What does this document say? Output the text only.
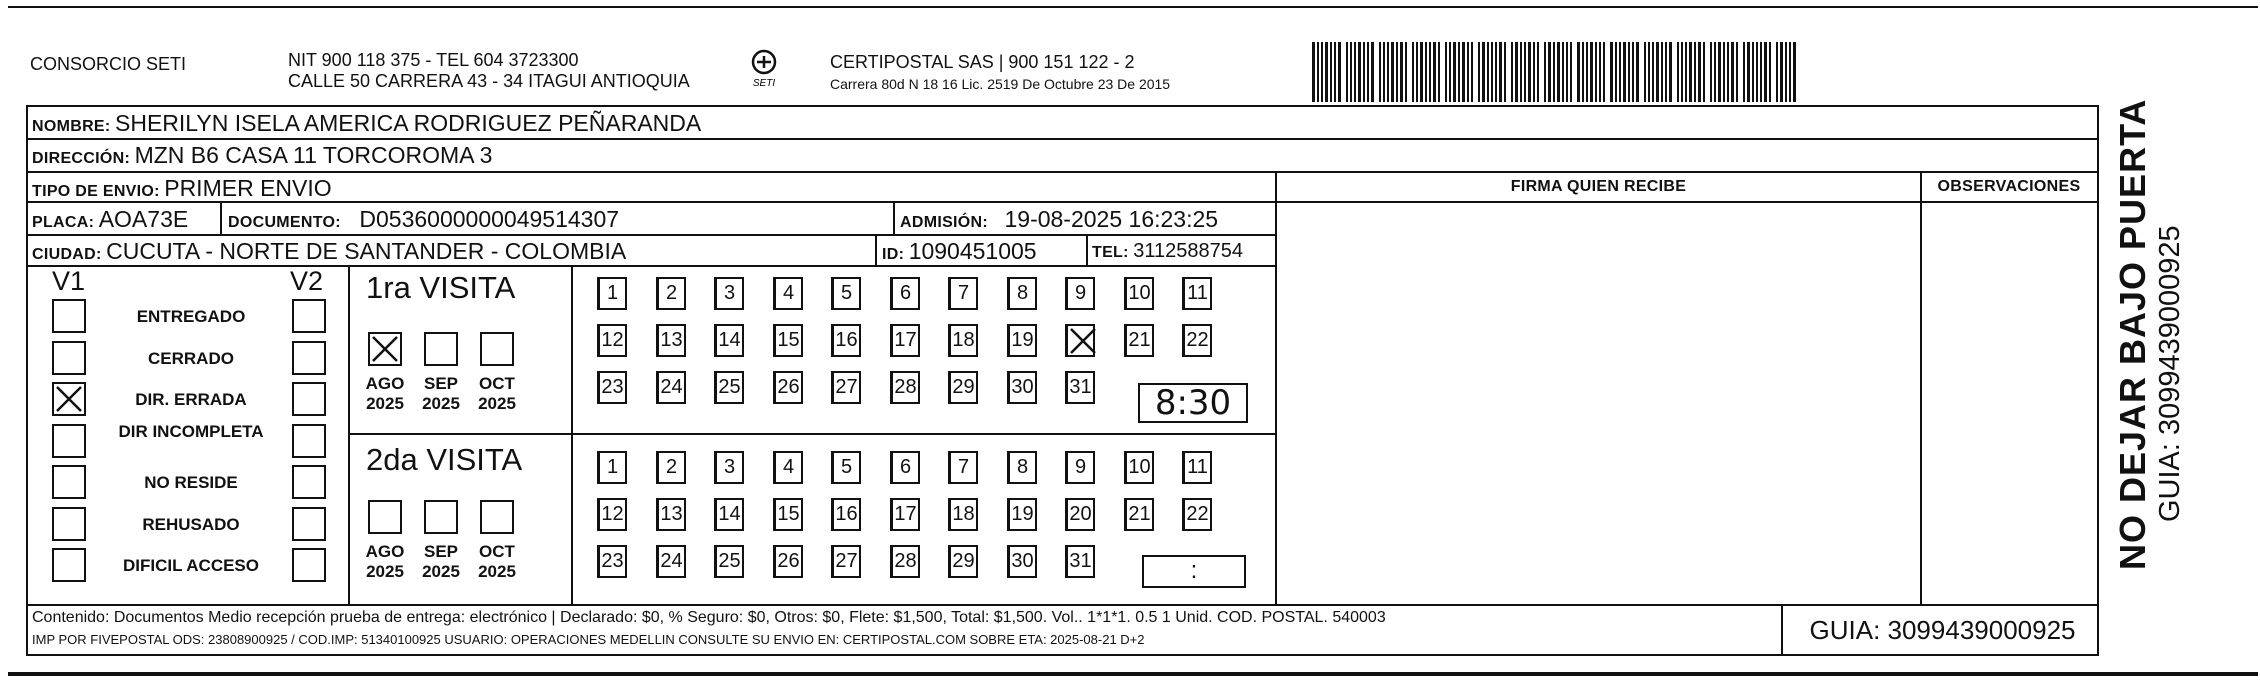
CONSORCIO SETI	NIT 900 118 375 - TEL 604 3723300
CALLE 50 CARRERA 43 - 34 ITAGUI ANTIOQUIA	SETI
CERTIPOSTAL SAS | 900 151 122 - 2
Carrera 80d N 18 16 Lic. 2519 De Octubre 23 De 2015
NOMBRE: SHERILYN ISELA AMERICA RODRIGUEZ PEÑARANDA
DIRECCIÓN: MZN B6 CASA 11 TORCOROMA 3
TIPO DE ENVIO: PRIMER ENVIO	FIRMA QUIEN RECIBE	OBSERVACIONES
PLACA: AOA73E DOCUMENTO: D0536000000049514307	ADMISIÓN: 19-08-2025 16:23:25
CIUDAD: CUCUTA - NORTE DE SANTANDER - COLOMBIA	ID: 1090451005	TEL: 3112588754
V1	V2
ENTREGADO
CERRADO
DIR. ERRADA
DIR INCOMPLETA
NO RESIDE
REHUSADO
DIFICIL ACCESO
1ra VISITA
AGO
2025
SEP
2025
OCT
2025
1	2	3	4	5	6	7	8	9	10 11
12 13 14 15 16 17 18 19	21 22
23 24 25 26 27 28 29 30 31	8:30
2da VISITA
AGO
2025
SEP
2025
OCT
2025
1	2	3	4	5	6	7	8	9	10 11
12 13 14 15 16 17 18 19 20 21 22
23 24 25 26 27 28 29 30 31	:
Contenido: Documentos Medio recepción prueba de entrega: electrónico | Declarado: $0, % Seguro: $0, Otros: $0, Flete: $1,500, Total: $1,500. Vol.. 1*1*1. 0.5 1 Unid. COD. POSTAL. 540003
IMP POR FIVEPOSTAL ODS: 23808900925 / COD.IMP: 51340100925 USUARIO: OPERACIONES MEDELLIN CONSULTE SU ENVIO EN: CERTIPOSTAL.COM SOBRE ETA: 2025-08-21 D+2	GUIA: 3099439000925
NO DEJAR BAJO PUERTA GUIA: 3099439000925
